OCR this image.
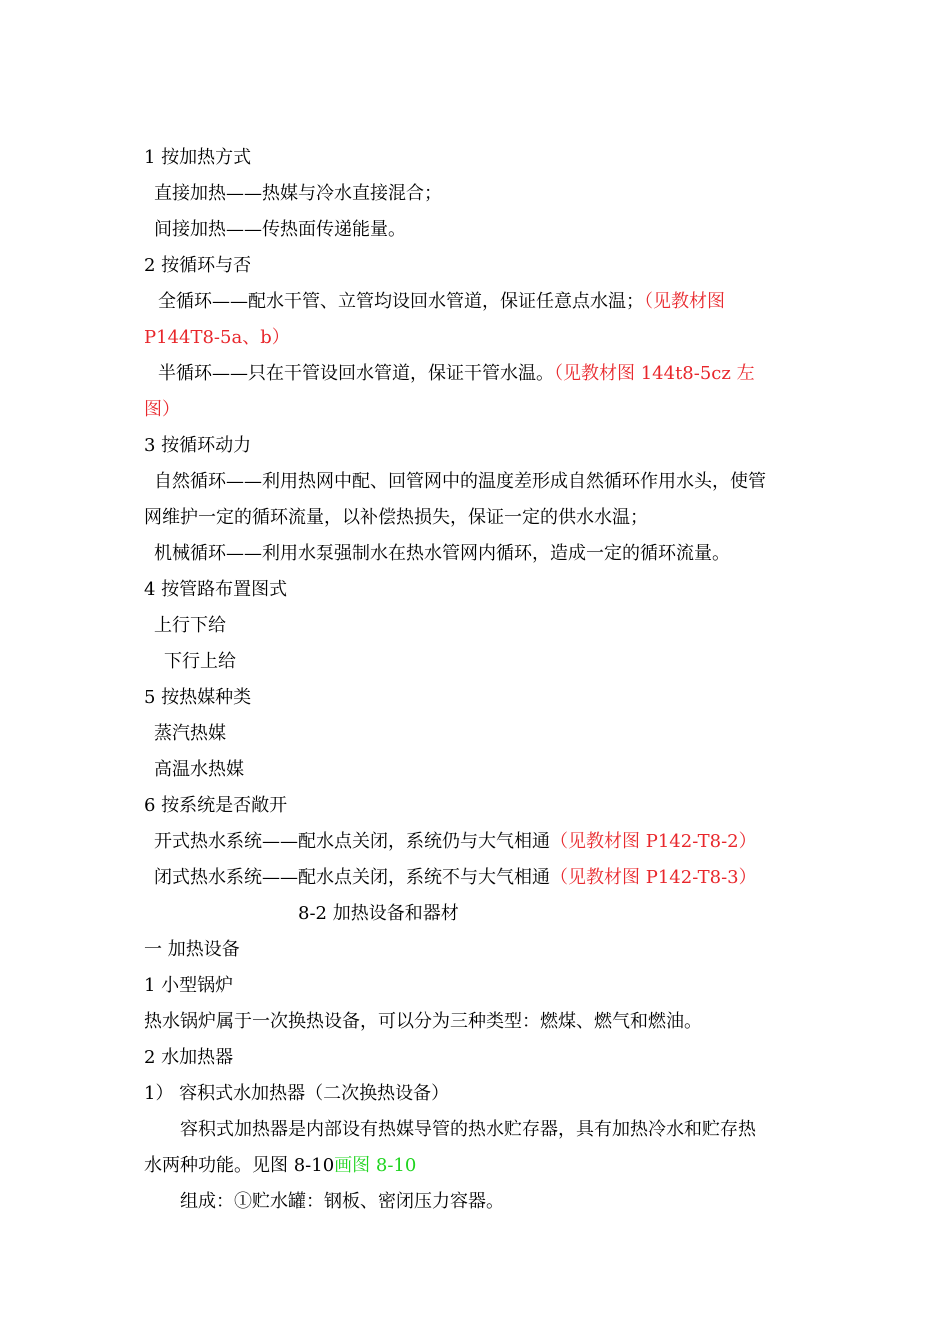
1 按加热方式
直接加热——热媒与冷水直接混合；
间接加热——传热面传递能量。
2 按循环与否
全循环——配水干管、立管均设回水管道，保证任意点水温；（见教材图
P144T8-5a、b）
半循环——只在干管设回水管道，保证干管水温。（见教材图 144t8-5cz 左
图）
3 按循环动力
自然循环——利用热网中配、回管网中的温度差形成自然循环作用水头，使管
网维护一定的循环流量，以补偿热损失，保证一定的供水水温；
机械循环——利用水泵强制水在热水管网内循环，造成一定的循环流量。
4 按管路布置图式
上行下给
下行上给
5 按热媒种类
蒸汽热媒
高温水热媒
6 按系统是否敞开
开式热水系统——配水点关闭，系统仍与大气相通（见教材图 P142-T8-2）
闭式热水系统——配水点关闭，系统不与大气相通（见教材图 P142-T8-3）
8-2 加热设备和器材
一 加热设备
1 小型锅炉
热水锅炉属于一次换热设备，可以分为三种类型：燃煤、燃气和燃油。
2 水加热器
1） 容积式水加热器（二次换热设备）
容积式加热器是内部设有热媒导管的热水贮存器，具有加热冷水和贮存热
水两种功能。见图 8-10画图 8-10
组成：①贮水罐：钢板、密闭压力容器。
